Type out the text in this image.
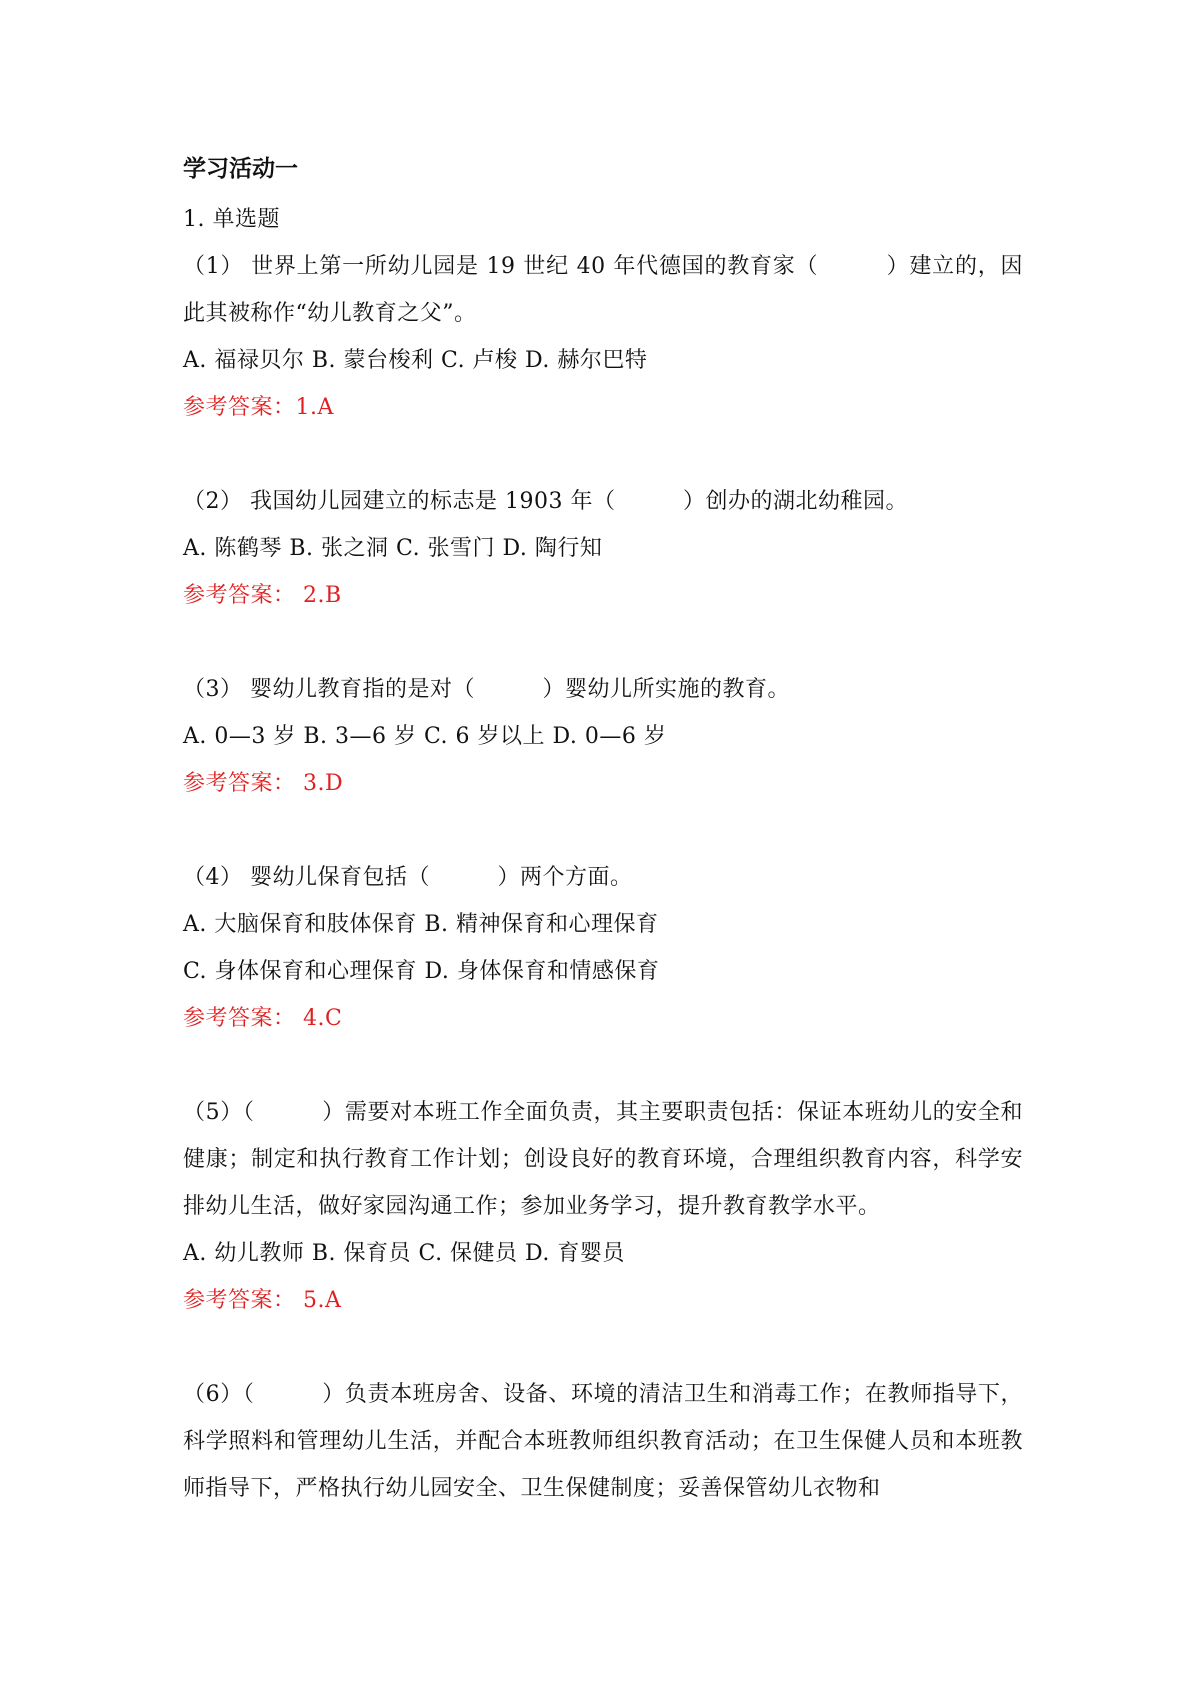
学习活动一
1. 单选题
（1） 世界上第一所幼儿园是 19 世纪 40 年代德国的教育家（　　　）建立的，因此其被称作“幼儿教育之父”。
A. 福禄贝尔 B. 蒙台梭利 C. 卢梭 D. 赫尔巴特
参考答案：1.A
（2） 我国幼儿园建立的标志是 1903 年（　　　）创办的湖北幼稚园。
A. 陈鹤琴 B. 张之洞 C. 张雪门 D. 陶行知
参考答案： 2.B
（3） 婴幼儿教育指的是对（　　　）婴幼儿所实施的教育。
A. 0—3 岁 B. 3—6 岁 C. 6 岁以上 D. 0—6 岁
参考答案： 3.D
（4） 婴幼儿保育包括（　　　）两个方面。
A. 大脑保育和肢体保育 B. 精神保育和心理保育
C. 身体保育和心理保育 D. 身体保育和情感保育
参考答案： 4.C
（5）（　　　）需要对本班工作全面负责，其主要职责包括：保证本班幼儿的安全和健康；制定和执行教育工作计划；创设良好的教育环境，合理组织教育内容，科学安排幼儿生活，做好家园沟通工作；参加业务学习，提升教育教学水平。
A. 幼儿教师 B. 保育员 C. 保健员 D. 育婴员
参考答案： 5.A
（6）（　　　）负责本班房舍、设备、环境的清洁卫生和消毒工作；在教师指导下，科学照料和管理幼儿生活，并配合本班教师组织教育活动；在卫生保健人员和本班教师指导下，严格执行幼儿园安全、卫生保健制度；妥善保管幼儿衣物和
